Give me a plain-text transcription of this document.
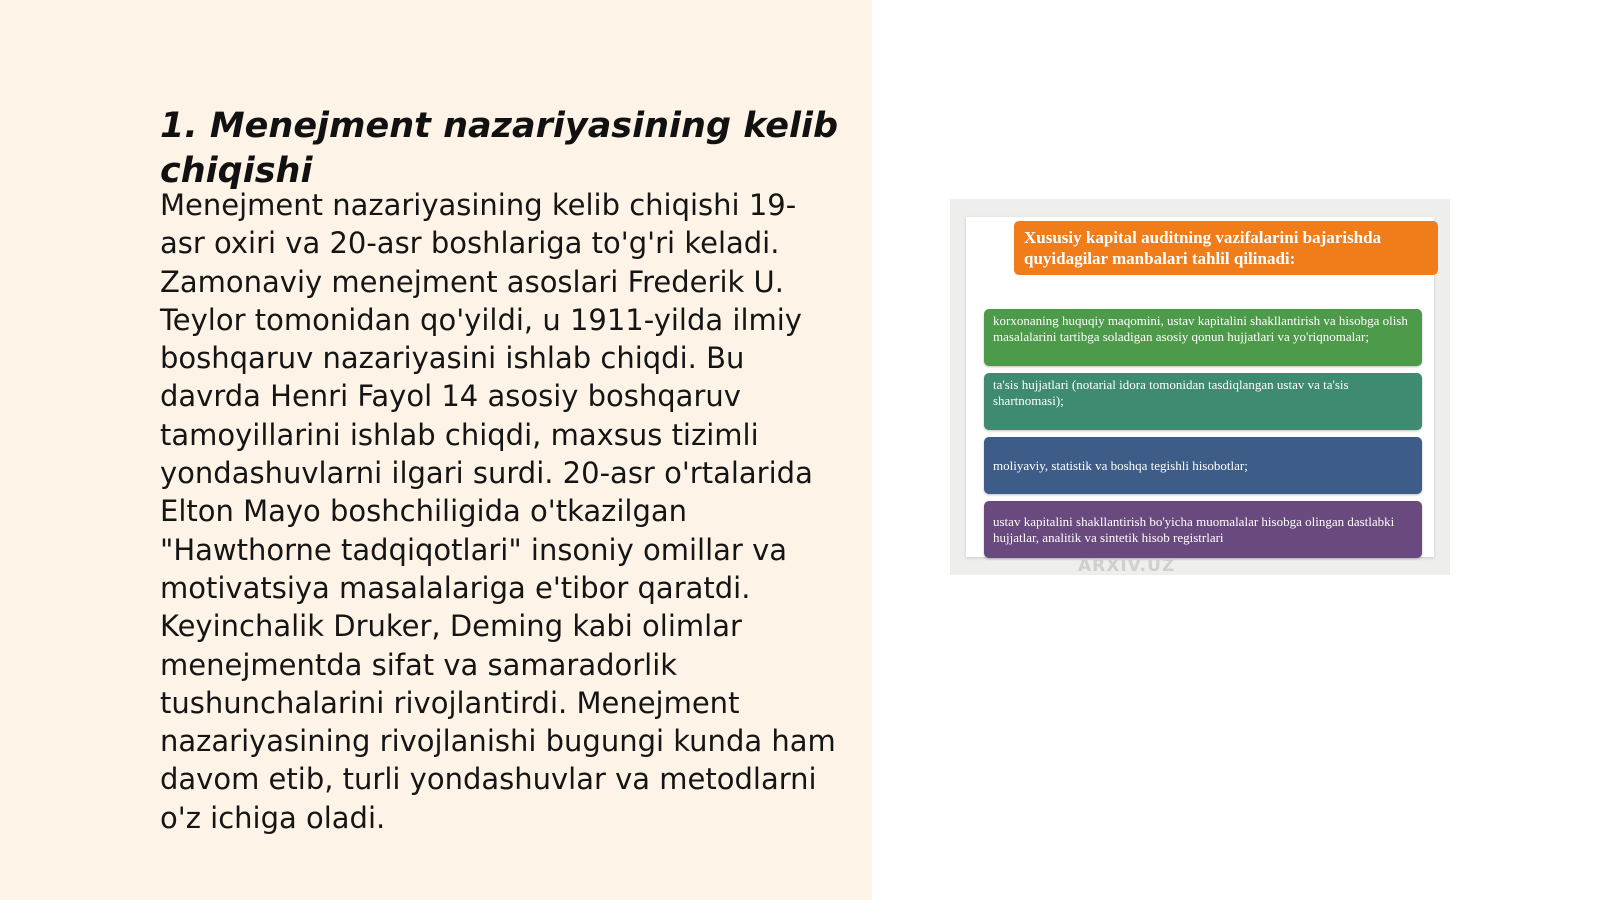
1. Menejment nazariyasining kelib chiqishi

Menejment nazariyasining kelib chiqishi 19-asr oxiri va 20-asr boshlariga to'g'ri keladi. Zamonaviy menejment asoslari Frederik U. Teylor tomonidan qo'yildi, u 1911-yilda ilmiy boshqaruv nazariyasini ishlab chiqdi. Bu davrda Henri Fayol 14 asosiy boshqaruv tamoyillarini ishlab chiqdi, maxsus tizimli yondashuvlarni ilgari surdi. 20-asr o'rtalarida Elton Mayo boshchiligida o'tkazilgan "Hawthorne tadqiqotlari" insoniy omillar va motivatsiya masalalariga e'tibor qaratdi. Keyinchalik Druker, Deming kabi olimlar menejmentda sifat va samaradorlik tushunchalarini rivojlantirdi. Menejment nazariyasining rivojlanishi bugungi kunda ham davom etib, turli yondashuvlar va metodlarni o'z ichiga oladi.

Xususiy kapital auditning vazifalarini bajarishda quyidagilar manbalari tahlil qilinadi:
korxonaning huquqiy maqomini, ustav kapitalini shakllantirish va hisobga olish masalalarini tartibga soladigan asosiy qonun hujjatlari va yo'riqnomalar;
ta'sis hujjatlari (notarial idora tomonidan tasdiqlangan ustav va ta'sis shartnomasi);
moliyaviy, statistik va boshqa tegishli hisobotlar;
ustav kapitalini shakllantirish bo'yicha muomalalar hisobga olingan dastlabki hujjatlar, analitik va sintetik hisob registrlari
ARXIV.UZ
